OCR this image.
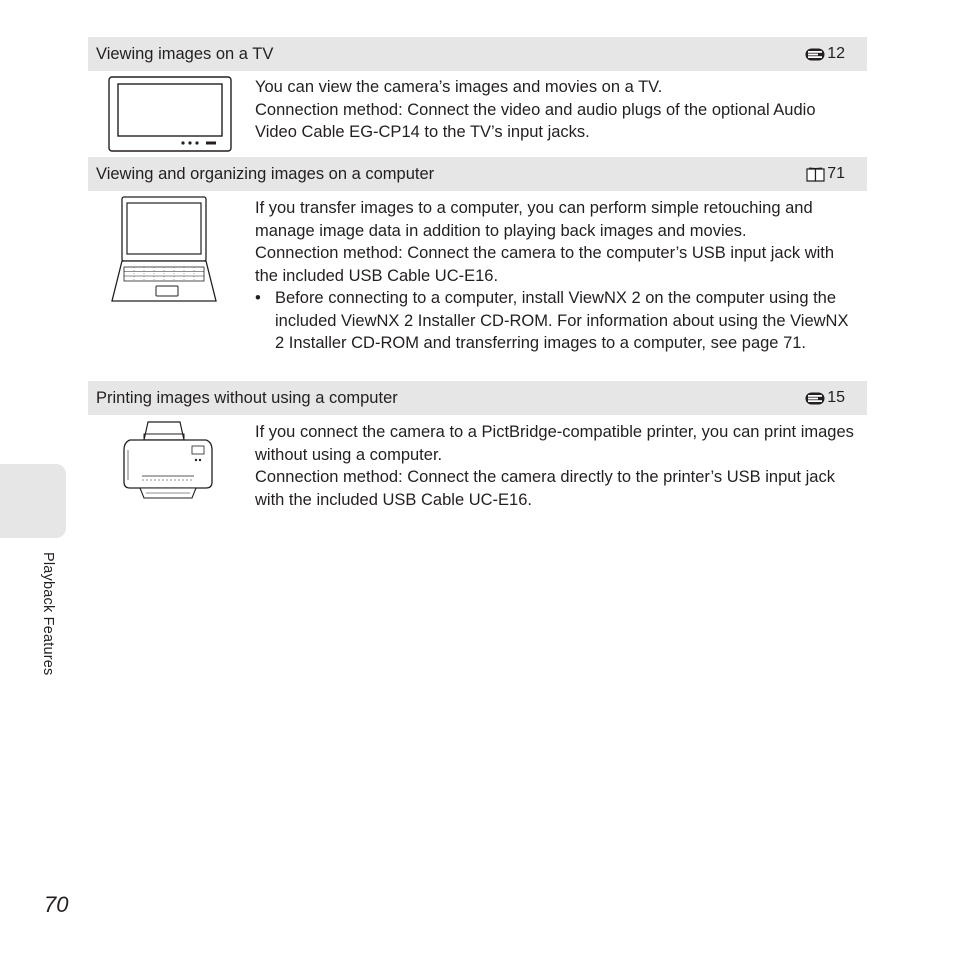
Viewing images on a TV	12

You can view the camera’s images and movies on a TV.

Connection method: Connect the video and audio plugs of the optional Audio Video Cable EG-CP14 to the TV’s input jacks.

Viewing and organizing images on a computer	71

If you transfer images to a computer, you can perform simple retouching and manage image data in addition to playing back images and movies.

Connection method: Connect the camera to the computer’s USB input jack with the included USB Cable UC-E16.

• Before connecting to a computer, install ViewNX 2 on the computer using the included ViewNX 2 Installer CD-ROM. For information about using the ViewNX 2 Installer CD-ROM and transferring images to a computer, see page 71.
Printing images without using a computer	15

If you connect the camera to a PictBridge-compatible printer, you can print images without using a computer.

Connection method: Connect the camera directly to the printer’s USB input jack with the included USB Cable UC-E16.

Playback Features
70
